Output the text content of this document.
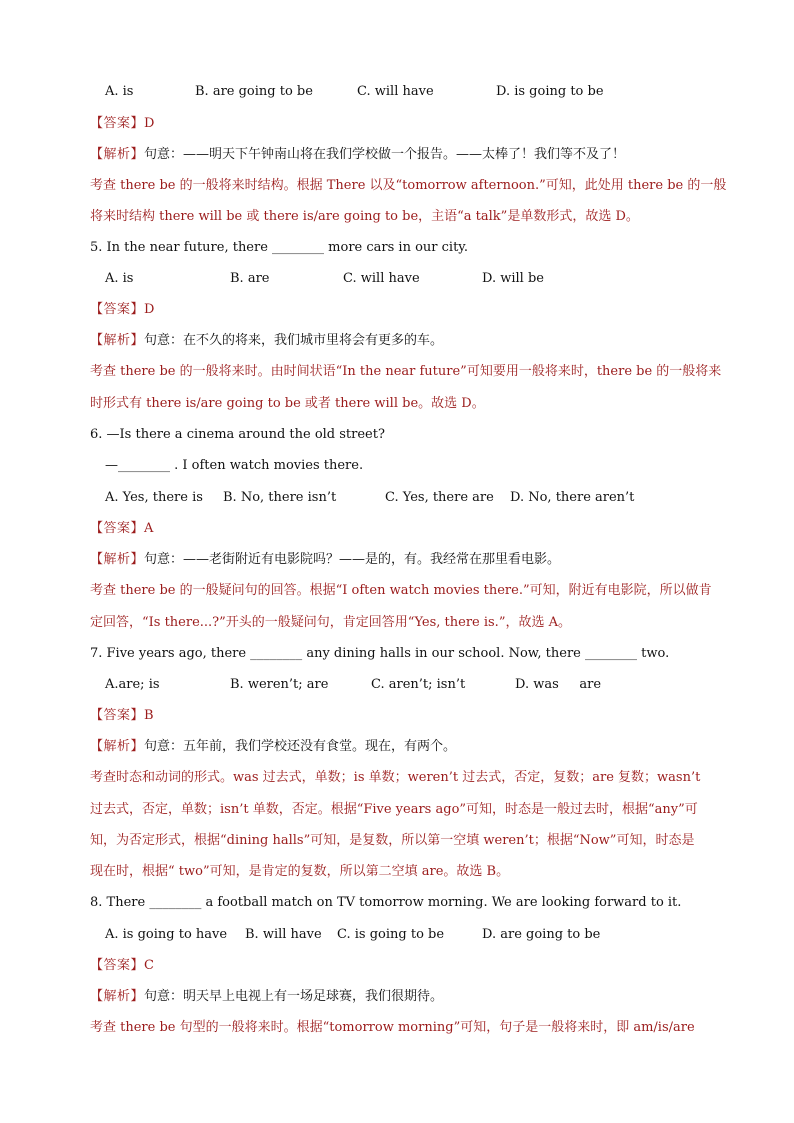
A. is	B. are going to be	C. will have	D. is going to be
【答案】D
【解析】句意：——明天下午钟南山将在我们学校做一个报告。——太棒了！我们等不及了！
考查 there be 的一般将来时结构。根据 There 以及“tomorrow afternoon.”可知，此处用 there be 的一般
将来时结构 there will be 或 there is/are going to be，主语“a talk”是单数形式，故选 D。
5. In the near future, there ________ more cars in our city.
A. is	B. are	C. will have	D. will be
【答案】D
【解析】句意：在不久的将来，我们城市里将会有更多的车。
考查 there be 的一般将来时。由时间状语“In the near future”可知要用一般将来时，there be 的一般将来
时形式有 there is/are going to be 或者 there will be。故选 D。
6. —Is there a cinema around the old street?
—________ . I often watch movies there.
A. Yes, there is B. No, there isn’t	C. Yes, there are D. No, there aren’t
【答案】A
【解析】句意：——老街附近有电影院吗？——是的，有。我经常在那里看电影。
考查 there be 的一般疑问句的回答。根据“I often watch movies there.”可知，附近有电影院，所以做肯
定回答，“Is there...?”开头的一般疑问句，肯定回答用“Yes, there is.”，故选 A。
7. Five years ago, there ________ any dining halls in our school. Now, there ________ two.
A.are; is	B. weren’t; are	C. aren’t; isn’t	D. was     are
【答案】B
【解析】句意：五年前，我们学校还没有食堂。现在，有两个。
考查时态和动词的形式。was 过去式，单数；is 单数；weren’t 过去式，否定，复数；are 复数；wasn’t
过去式，否定，单数；isn’t 单数，否定。根据“Five years ago”可知，时态是一般过去时，根据“any”可
知，为否定形式，根据“dining halls”可知，是复数，所以第一空填 weren’t；根据“Now”可知，时态是
现在时，根据“ two”可知，是肯定的复数，所以第二空填 are。故选 B。
8. There ________ a football match on TV tomorrow morning. We are looking forward to it.
A. is going to have B. will have C. is going to be	D. are going to be
【答案】C
【解析】句意：明天早上电视上有一场足球赛，我们很期待。
考查 there be 句型的一般将来时。根据“tomorrow morning”可知，句子是一般将来时，即 am/is/are
